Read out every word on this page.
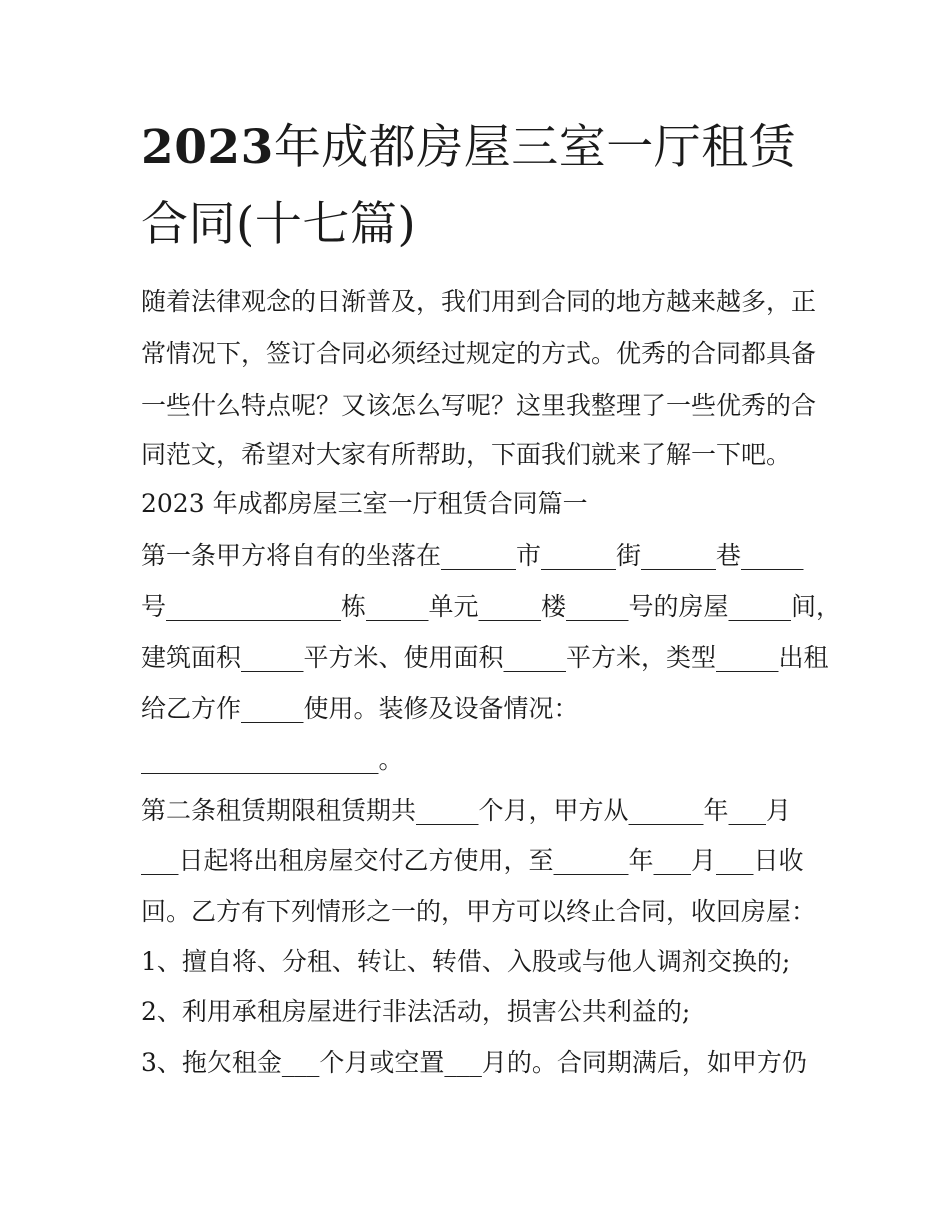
2023年成都房屋三室一厅租赁
合同(十七篇)

随着法律观念的日渐普及，我们用到合同的地方越来越多，正

常情况下，签订合同必须经过规定的方式。优秀的合同都具备

一些什么特点呢？又该怎么写呢？这里我整理了一些优秀的合

同范文，希望对大家有所帮助，下面我们就来了解一下吧。

2023 年成都房屋三室一厅租赁合同篇一

第一条甲方将自有的坐落在______市______街______巷_____

号______________栋_____单元_____楼_____号的房屋_____间，

建筑面积_____平方米、使用面积_____平方米，类型_____出租

给乙方作_____使用。装修及设备情况：

___________________。

第二条租赁期限租赁期共_____个月，甲方从______年___月

___日起将出租房屋交付乙方使用，至______年___月___日收

回。乙方有下列情形之一的，甲方可以终止合同，收回房屋：

1、擅自将、分租、转让、转借、入股或与他人调剂交换的;

2、利用承租房屋进行非法活动，损害公共利益的;

3、拖欠租金___个月或空置___月的。合同期满后，如甲方仍
